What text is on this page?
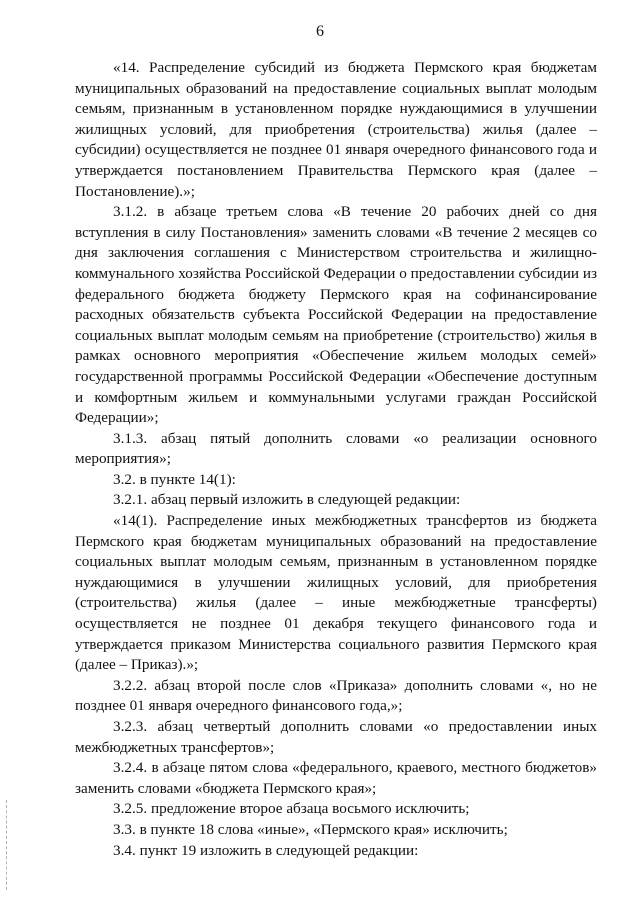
6

«14. Распределение субсидий из бюджета Пермского края бюджетам муниципальных образований на предоставление социальных выплат молодым семьям, признанным в установленном порядке нуждающимися в улучшении жилищных условий, для приобретения (строительства) жилья (далее – субсидии) осуществляется не позднее 01 января очередного финансового года и утверждается постановлением Правительства Пермского края (далее – Постановление).»;

3.1.2. в абзаце третьем слова «В течение 20 рабочих дней со дня вступления в силу Постановления» заменить словами «В течение 2 месяцев со дня заключения соглашения с Министерством строительства и жилищно-коммунального хозяйства Российской Федерации о предоставлении субсидии из федерального бюджета бюджету Пермского края на софинансирование расходных обязательств субъекта Российской Федерации на предоставление социальных выплат молодым семьям на приобретение (строительство) жилья в рамках основного мероприятия «Обеспечение жильем молодых семей» государственной программы Российской Федерации «Обеспечение доступным и комфортным жильем и коммунальными услугами граждан Российской Федерации»;

3.1.3. абзац пятый дополнить словами «о реализации основного мероприятия»;

3.2. в пункте 14(1):

3.2.1. абзац первый изложить в следующей редакции:

«14(1). Распределение иных межбюджетных трансфертов из бюджета Пермского края бюджетам муниципальных образований на предоставление социальных выплат молодым семьям, признанным в установленном порядке нуждающимися в улучшении жилищных условий, для приобретения (строительства) жилья (далее – иные межбюджетные трансферты) осуществляется не позднее 01 декабря текущего финансового года и утверждается приказом Министерства социального развития Пермского края (далее – Приказ).»;

3.2.2. абзац второй после слов «Приказа» дополнить словами «, но не позднее 01 января очередного финансового года,»;

3.2.3. абзац четвертый дополнить словами «о предоставлении иных межбюджетных трансфертов»;

3.2.4. в абзаце пятом слова «федерального, краевого, местного бюджетов» заменить словами «бюджета Пермского края»;

3.2.5. предложение второе абзаца восьмого исключить;

3.3. в пункте 18 слова «иные», «Пермского края» исключить;

3.4. пункт 19 изложить в следующей редакции:
